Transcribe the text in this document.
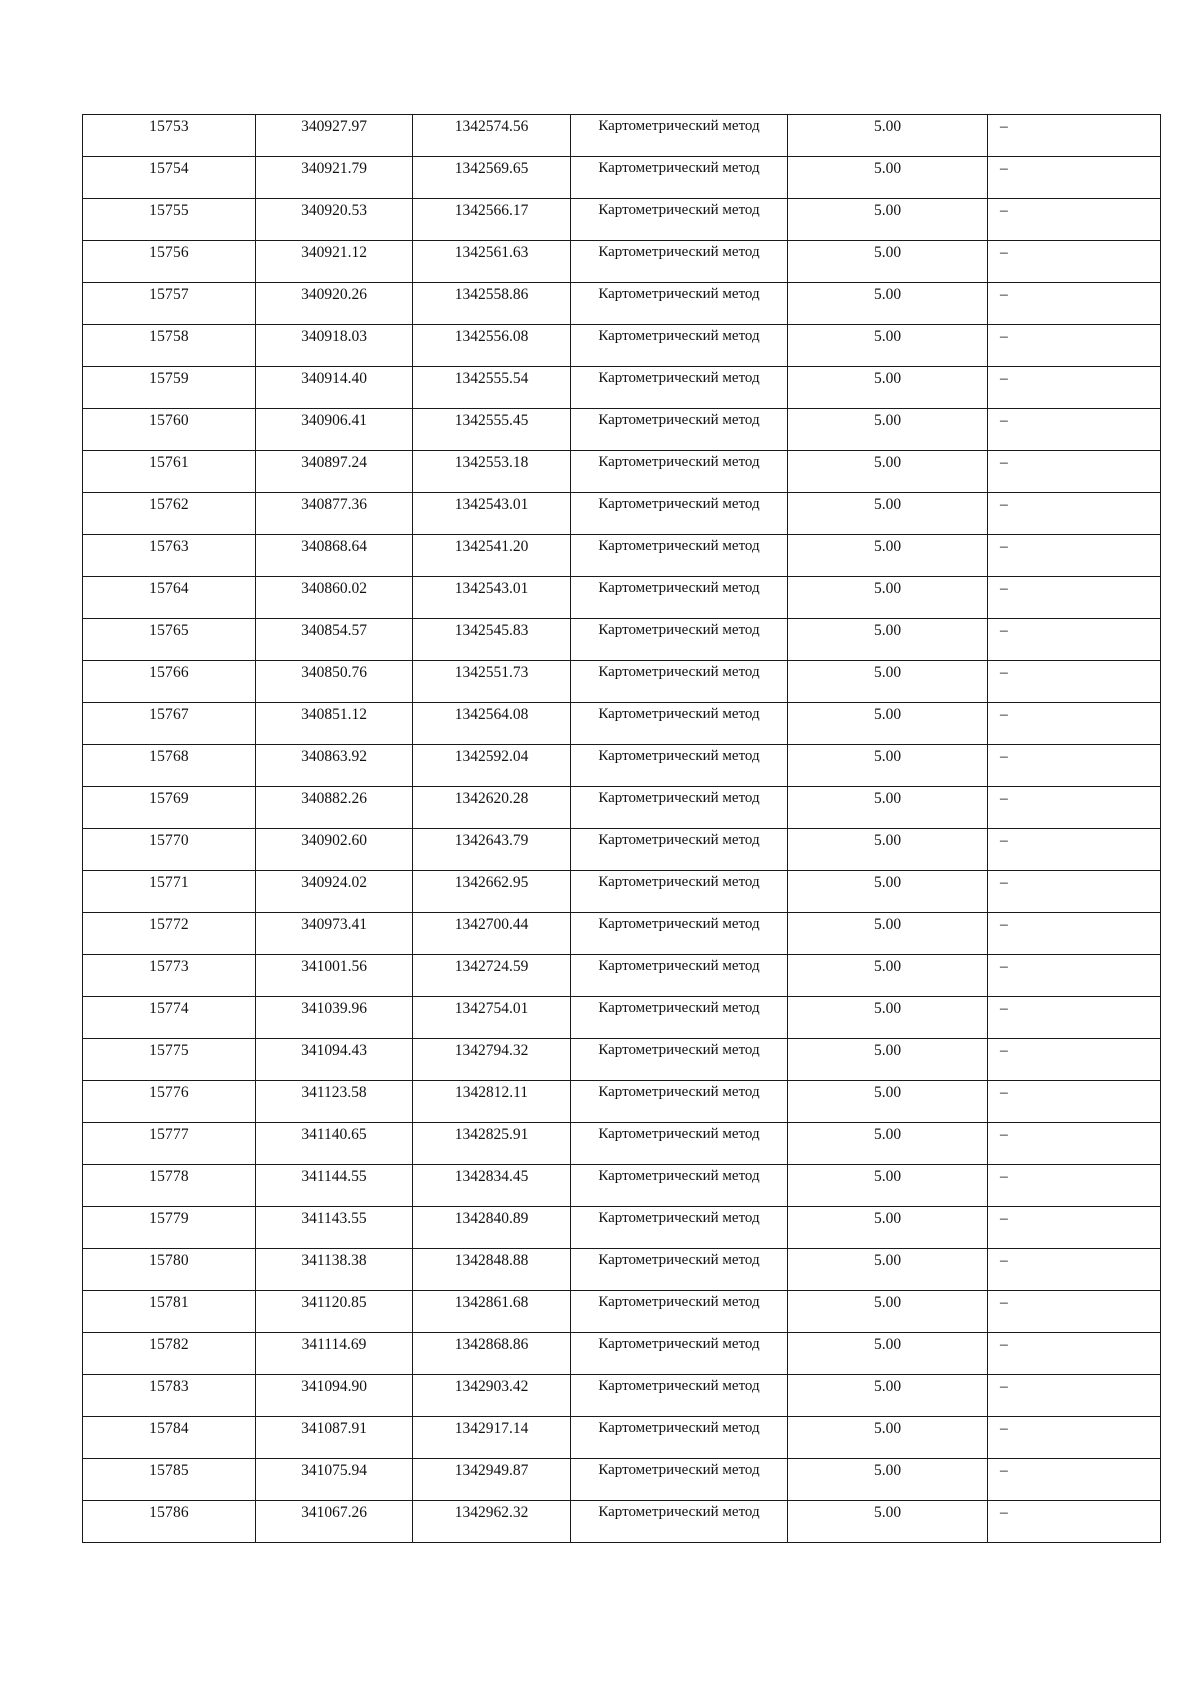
15753	340927.97	1342574.56	Картометрический метод	5.00	–
15754	340921.79	1342569.65	Картометрический метод	5.00	–
15755	340920.53	1342566.17	Картометрический метод	5.00	–
15756	340921.12	1342561.63	Картометрический метод	5.00	–
15757	340920.26	1342558.86	Картометрический метод	5.00	–
15758	340918.03	1342556.08	Картометрический метод	5.00	–
15759	340914.40	1342555.54	Картометрический метод	5.00	–
15760	340906.41	1342555.45	Картометрический метод	5.00	–
15761	340897.24	1342553.18	Картометрический метод	5.00	–
15762	340877.36	1342543.01	Картометрический метод	5.00	–
15763	340868.64	1342541.20	Картометрический метод	5.00	–
15764	340860.02	1342543.01	Картометрический метод	5.00	–
15765	340854.57	1342545.83	Картометрический метод	5.00	–
15766	340850.76	1342551.73	Картометрический метод	5.00	–
15767	340851.12	1342564.08	Картометрический метод	5.00	–
15768	340863.92	1342592.04	Картометрический метод	5.00	–
15769	340882.26	1342620.28	Картометрический метод	5.00	–
15770	340902.60	1342643.79	Картометрический метод	5.00	–
15771	340924.02	1342662.95	Картометрический метод	5.00	–
15772	340973.41	1342700.44	Картометрический метод	5.00	–
15773	341001.56	1342724.59	Картометрический метод	5.00	–
15774	341039.96	1342754.01	Картометрический метод	5.00	–
15775	341094.43	1342794.32	Картометрический метод	5.00	–
15776	341123.58	1342812.11	Картометрический метод	5.00	–
15777	341140.65	1342825.91	Картометрический метод	5.00	–
15778	341144.55	1342834.45	Картометрический метод	5.00	–
15779	341143.55	1342840.89	Картометрический метод	5.00	–
15780	341138.38	1342848.88	Картометрический метод	5.00	–
15781	341120.85	1342861.68	Картометрический метод	5.00	–
15782	341114.69	1342868.86	Картометрический метод	5.00	–
15783	341094.90	1342903.42	Картометрический метод	5.00	–
15784	341087.91	1342917.14	Картометрический метод	5.00	–
15785	341075.94	1342949.87	Картометрический метод	5.00	–
15786	341067.26	1342962.32	Картометрический метод	5.00	–
